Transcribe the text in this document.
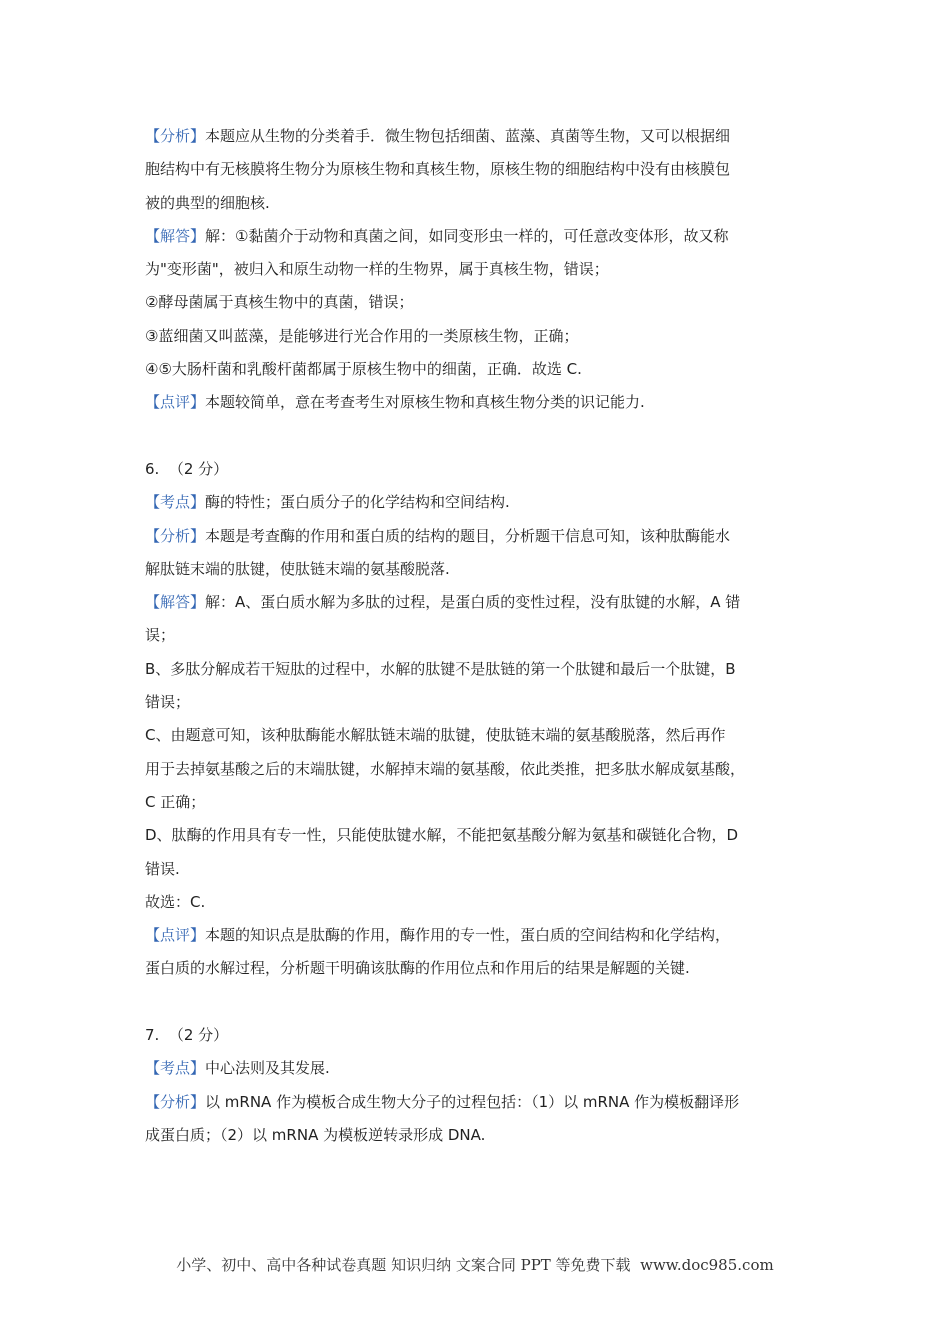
【分析】本题应从生物的分类着手．微生物包括细菌、蓝藻、真菌等生物，又可以根据细
胞结构中有无核膜将生物分为原核生物和真核生物，原核生物的细胞结构中没有由核膜包
被的典型的细胞核.
【解答】解：①黏菌介于动物和真菌之间，如同变形虫一样的，可任意改变体形，故又称
为"变形菌"，被归入和原生动物一样的生物界，属于真核生物，错误；
②酵母菌属于真核生物中的真菌，错误；
③蓝细菌又叫蓝藻，是能够进行光合作用的一类原核生物，正确；
④⑤大肠杆菌和乳酸杆菌都属于原核生物中的细菌，正确．故选 C.
【点评】本题较简单，意在考查考生对原核生物和真核生物分类的识记能力.
6.  （2 分）
【考点】酶的特性；蛋白质分子的化学结构和空间结构.
【分析】本题是考查酶的作用和蛋白质的结构的题目，分析题干信息可知，该种肽酶能水
解肽链末端的肽键，使肽链末端的氨基酸脱落.
【解答】解：A、蛋白质水解为多肽的过程，是蛋白质的变性过程，没有肽键的水解，A 错
误；
B、多肽分解成若干短肽的过程中，水解的肽键不是肽链的第一个肽键和最后一个肽键，B
错误；
C、由题意可知，该种肽酶能水解肽链末端的肽键，使肽链末端的氨基酸脱落，然后再作
用于去掉氨基酸之后的末端肽键，水解掉末端的氨基酸，依此类推，把多肽水解成氨基酸，
C 正确；
D、肽酶的作用具有专一性，只能使肽键水解，不能把氨基酸分解为氨基和碳链化合物，D
错误.
故选：C.
【点评】本题的知识点是肽酶的作用，酶作用的专一性，蛋白质的空间结构和化学结构，
蛋白质的水解过程，分析题干明确该肽酶的作用位点和作用后的结果是解题的关键.
7.  （2 分）
【考点】中心法则及其发展.
【分析】以 mRNA 作为模板合成生物大分子的过程包括：（1）以 mRNA 作为模板翻译形
成蛋白质；（2）以 mRNA 为模板逆转录形成 DNA.
小学、初中、高中各种试卷真题 知识归纳 文案合同 PPT 等免费下载  www.doc985.com
